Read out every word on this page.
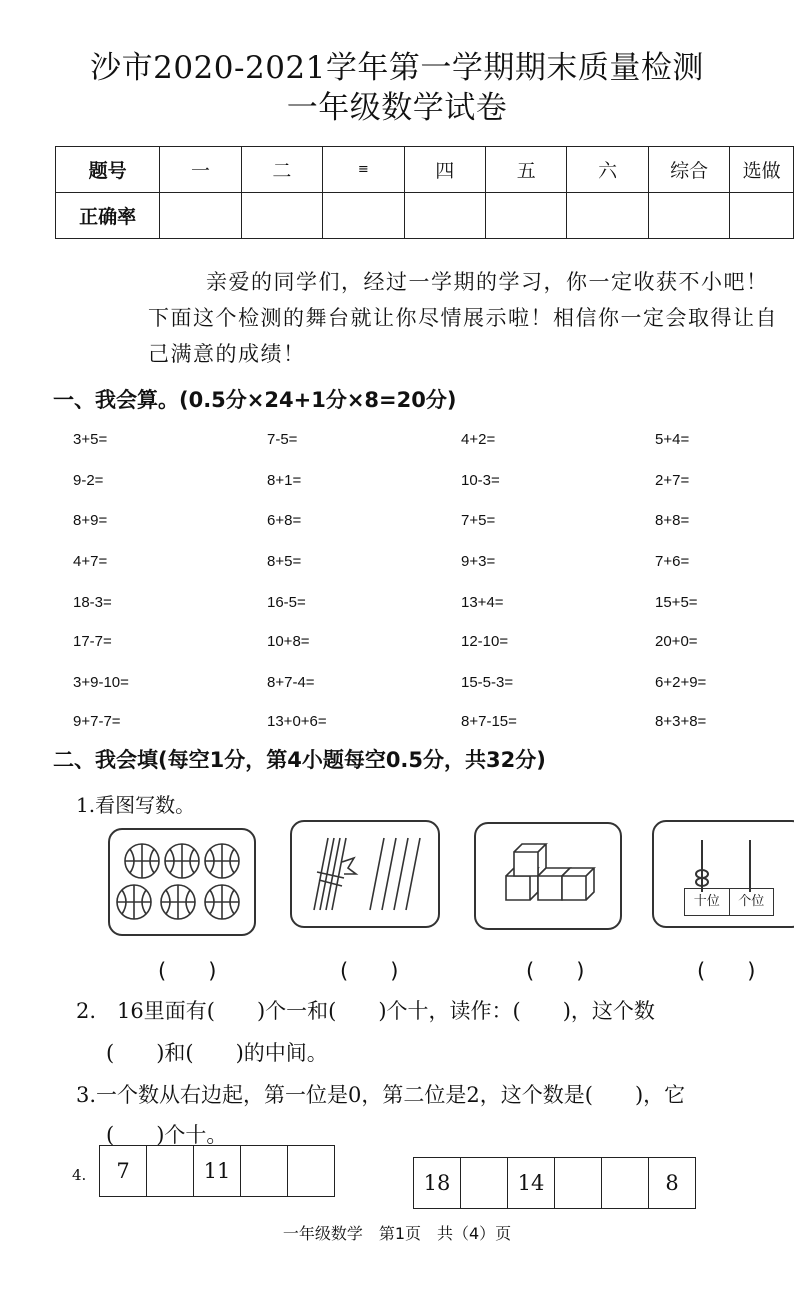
沙市2020-2021学年第一学期期末质量检测
一年级数学试卷
题号	一	二	≡	四	五	六	综合	选做
正确率								
亲爱的同学们，经过一学期的学习，你一定收获不小吧！下面这个检测的舞台就让你尽情展示啦！相信你一定会取得让自己满意的成绩！
一、我会算。(0.5分×24+1分×8=20分)
3+5=	7-5=	4+2=	5+4=
9-2=	8+1=	10-3=	2+7=
8+9=	6+8=	7+5=	8+8=
4+7=	8+5=	9+3=	7+6=
18-3=	16-5=	13+4=	15+5=
17-7=	10+8=	12-10=	20+0=
3+9-10=	8+7-4=	15-5-3=	6+2+9=
9+7-7=	13+0+6=	8+7-15=	8+3+8=
二、我会填(每空1分，第4小题每空0.5分，共32分)
1.看图写数。
十位	个位
(　　)	(　　)	(　　)	(　　)
2.　16里面有(　　)个一和(　　)个十，读作：(　　)，这个数
(　　)和(　　)的中间。
3.一个数从右边起，第一位是0，第二位是2，这个数是(　　)，它
(　　)个十。
4. 7		11			18		14			8
一年级数学　第1页　共（4）页
